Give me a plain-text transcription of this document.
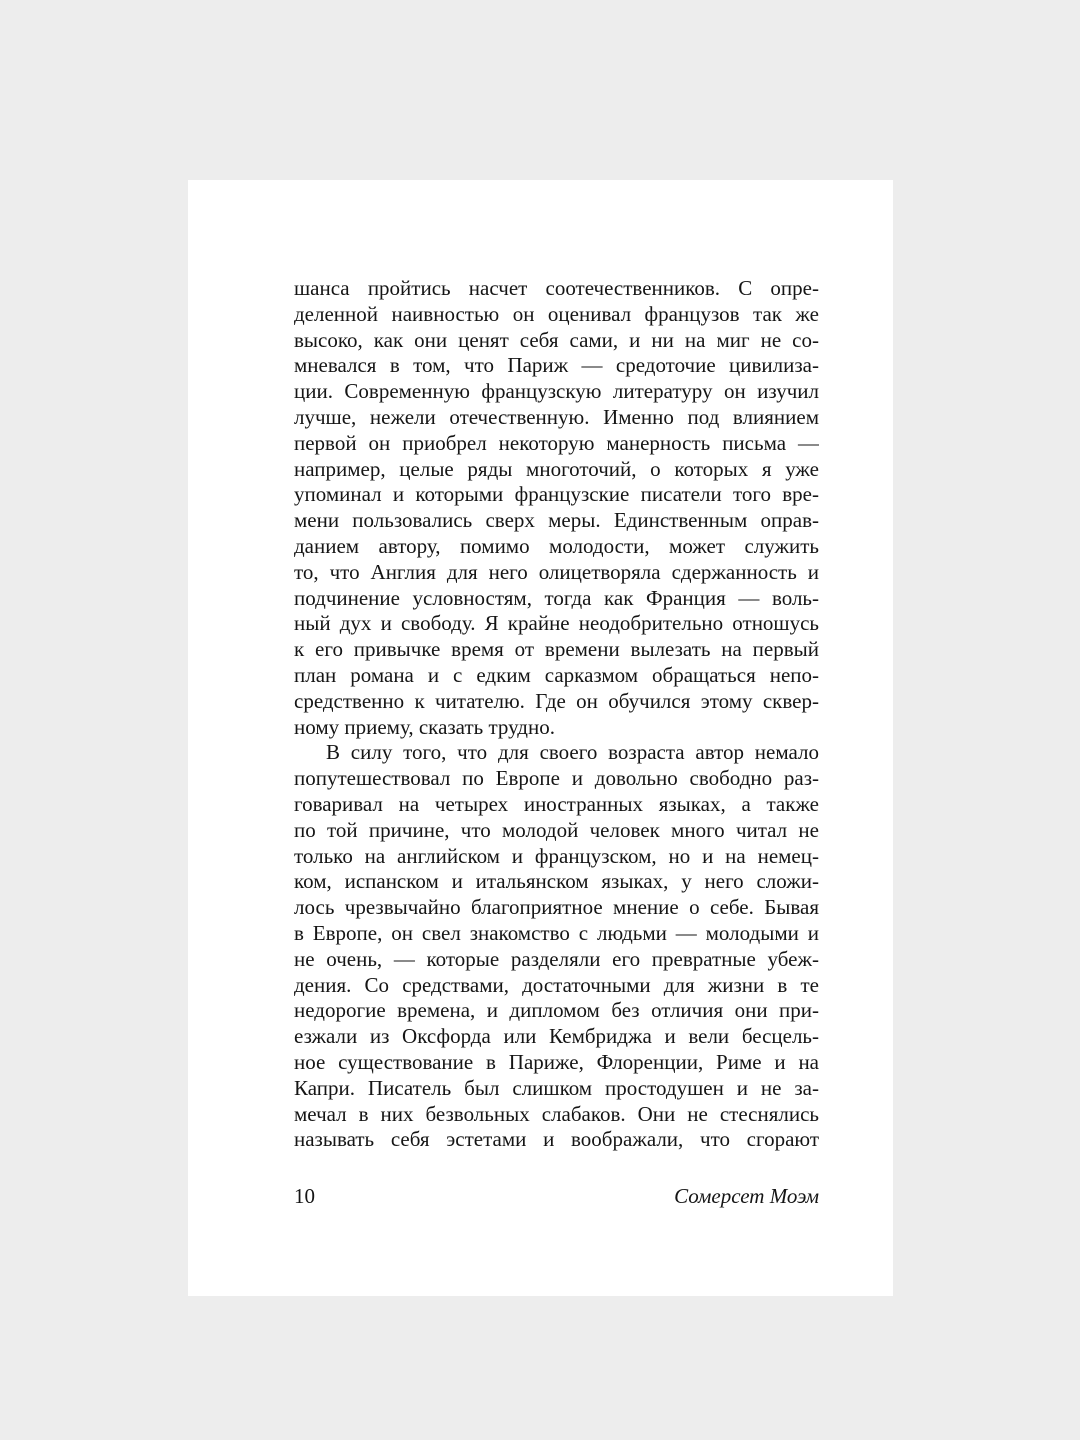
шанса пройтись насчет соотечественников. С опре-
деленной наивностью он оценивал французов так же
высоко, как они ценят себя сами, и ни на миг не со-
мневался в том, что Париж — средоточие цивилиза-
ции. Современную французскую литературу он изучил
лучше, нежели отечественную. Именно под влиянием
первой он приобрел некоторую манерность письма —
например, целые ряды многоточий, о которых я уже
упоминал и которыми французские писатели того вре-
мени пользовались сверх меры. Единственным оправ-
данием автору, помимо молодости, может служить
то, что Англия для него олицетворяла сдержанность и
подчинение условностям, тогда как Франция — воль-
ный дух и свободу. Я крайне неодобрительно отношусь
к его привычке время от времени вылезать на первый
план романа и с едким сарказмом обращаться непо-
средственно к читателю. Где он обучился этому сквер-
ному приему, сказать трудно.
В силу того, что для своего возраста автор немало
попутешествовал по Европе и довольно свободно раз-
говаривал на четырех иностранных языках, а также
по той причине, что молодой человек много читал не
только на английском и французском, но и на немец-
ком, испанском и итальянском языках, у него сложи-
лось чрезвычайно благоприятное мнение о себе. Бывая
в Европе, он свел знакомство с людьми — молодыми и
не очень, — которые разделяли его превратные убеж-
дения. Со средствами, достаточными для жизни в те
недорогие времена, и дипломом без отличия они при-
езжали из Оксфорда или Кембриджа и вели бесцель-
ное существование в Париже, Флоренции, Риме и на
Капри. Писатель был слишком простодушен и не за-
мечал в них безвольных слабаков. Они не стеснялись
называть себя эстетами и воображали, что сгорают
10	Сомерсет Моэм
